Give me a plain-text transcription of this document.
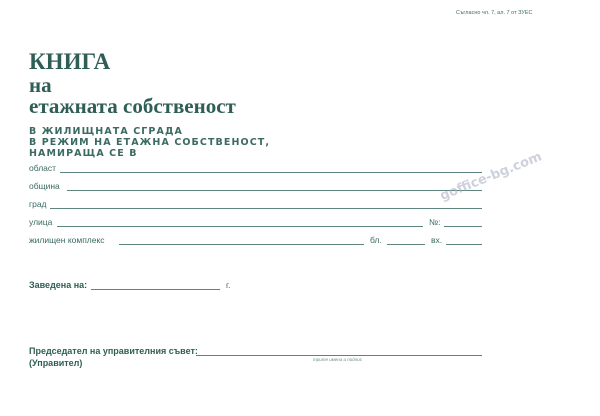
Съгласно чл. 7, ал. 7 от ЗУЕС
КНИГА
на
етажната собственост
В ЖИЛИЩНАТА СГРАДА
В РЕЖИМ НА ЕТАЖНА СОБСТВЕНОСТ,
НАМИРАЩА СЕ В
област
община
град
улица	№:
жилищен комплекс	бл.	вх.
Заведена на:	г.
Председател на управителния съвет:
трите имена и подпис
(Управител)
goffice-bg.com
